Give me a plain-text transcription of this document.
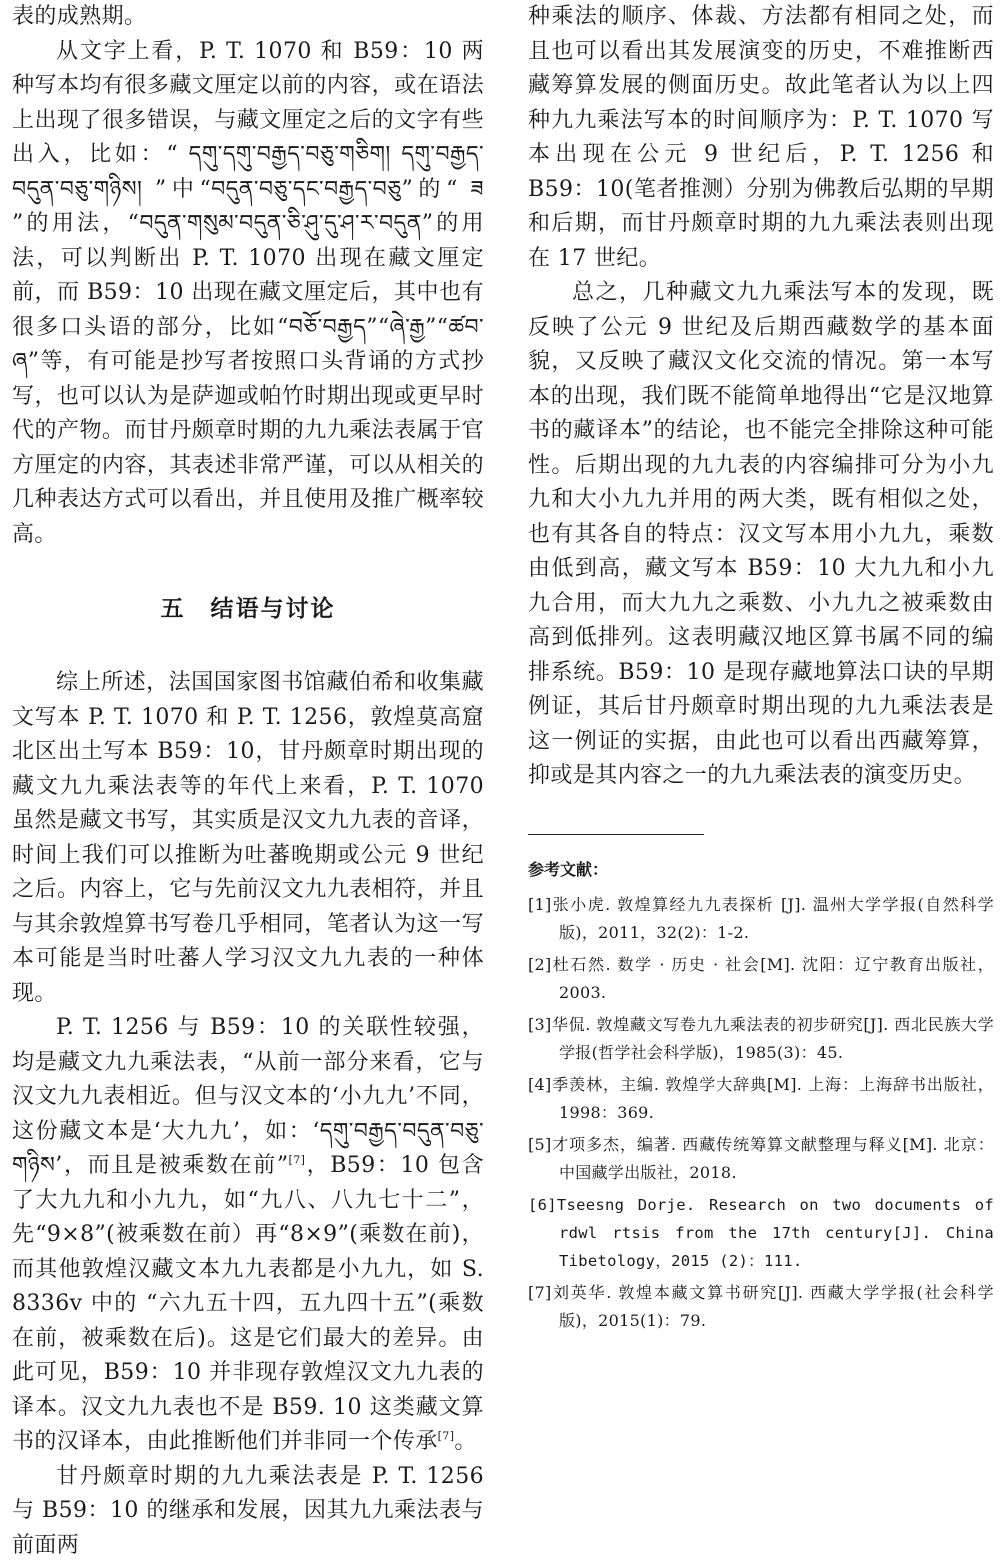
表的成熟期。

从文字上看，P. T. 1070 和 B59：10 两种写本均有很多藏文厘定以前的内容，或在语法上出现了很多错误，与藏文厘定之后的文字有些出入，比如：“ དགུ་དགུ་བརྒྱད་བཅུ་གཅིག། དགུ་བརྒྱད་བདུན་བཅུ་གཉིས། ”中“བདུན་བཅུ་དང་བརྒྱད་བཅུ”的“ ཟ ”的用法，“བདུན་གསུམ་བདུན་ཅི་ཤུ་དུ་ཤ་ར་བདུན”的用法，可以判断出 P. T. 1070 出现在藏文厘定前，而 B59：10 出现在藏文厘定后，其中也有很多口头语的部分，比如“བཅོ་བརྒྱད”“ཞེ་རྒྱ”“ཚབ་ཞ”等，有可能是抄写者按照口头背诵的方式抄写，也可以认为是萨迦或帕竹时期出现或更早时代的产物。而甘丹颇章时期的九九乘法表属于官方厘定的内容，其表述非常严谨，可以从相关的几种表达方式可以看出，并且使用及推广概率较高。

五　结语与讨论

综上所述，法国国家图书馆藏伯希和收集藏文写本 P. T. 1070 和 P. T. 1256，敦煌莫高窟北区出土写本 B59：10，甘丹颇章时期出现的藏文九九乘法表等的年代上来看，P. T. 1070 虽然是藏文书写，其实质是汉文九九表的音译，时间上我们可以推断为吐蕃晚期或公元 9 世纪之后。内容上，它与先前汉文九九表相符，并且与其余敦煌算书写卷几乎相同，笔者认为这一写本可能是当时吐蕃人学习汉文九九表的一种体现。

P. T. 1256 与 B59：10 的关联性较强，均是藏文九九乘法表，“从前一部分来看，它与汉文九九表相近。但与汉文本的‘小九九’不同，这份藏文本是‘大九九’，如：‘དགུ་བརྒྱད་བདུན་བཅུ་གཉིས’，而且是被乘数在前”[7]，B59：10 包含了大九九和小九九，如“九八、八九七十二”，先“9×8”(被乘数在前）再“8×9”(乘数在前)，而其他敦煌汉藏文本九九表都是小九九，如 S. 8336v 中的 “六九五十四，五九四十五”(乘数在前，被乘数在后)。这是它们最大的差异。由此可见，B59：10 并非现存敦煌汉文九九表的译本。汉文九九表也不是 B59. 10 这类藏文算书的汉译本，由此推断他们并非同一个传承[7]。

甘丹颇章时期的九九乘法表是 P. T. 1256 与 B59：10 的继承和发展，因其九九乘法表与前面两

种乘法的顺序、体裁、方法都有相同之处，而且也可以看出其发展演变的历史，不难推断西藏筹算发展的侧面历史。故此笔者认为以上四种九九乘法写本的时间顺序为：P. T. 1070 写本出现在公元 9 世纪后，P. T. 1256 和 B59：10(笔者推测）分别为佛教后弘期的早期和后期，而甘丹颇章时期的九九乘法表则出现在 17 世纪。

总之，几种藏文九九乘法写本的发现，既反映了公元 9 世纪及后期西藏数学的基本面貌，又反映了藏汉文化交流的情况。第一本写本的出现，我们既不能简单地得出“它是汉地算书的藏译本”的结论，也不能完全排除这种可能性。后期出现的九九表的内容编排可分为小九九和大小九九并用的两大类，既有相似之处，也有其各自的特点：汉文写本用小九九，乘数由低到高，藏文写本 B59：10 大九九和小九九合用，而大九九之乘数、小九九之被乘数由高到低排列。这表明藏汉地区算书属不同的编排系统。B59：10 是现存藏地算法口诀的早期例证，其后甘丹颇章时期出现的九九乘法表是这一例证的实据，由此也可以看出西藏筹算，抑或是其内容之一的九九乘法表的演变历史。

参考文献：
[1]张小虎. 敦煌算经九九表探析 [J]. 温州大学学报(自然科学版)，2011，32(2)：1-2.
[2]杜石然. 数学 · 历史 · 社会[M]. 沈阳：辽宁教育出版社，2003.
[3]华侃. 敦煌藏文写卷九九乘法表的初步研究[J]. 西北民族大学学报(哲学社会科学版)，1985(3)：45.
[4]季羡林，主编. 敦煌学大辞典[M]. 上海：上海辞书出版社，1998：369.
[5]才项多杰，编著. 西藏传统筹算文献整理与释义[M]. 北京：中国藏学出版社，2018.
[6]Tseesng Dorje. Research on two documents of rdwl rtsis from the 17th century[J]. China Tibetology，2015 (2)：111.
[7]刘英华. 敦煌本藏文算书研究[J]. 西藏大学学报(社会科学版)，2015(1)：79.
